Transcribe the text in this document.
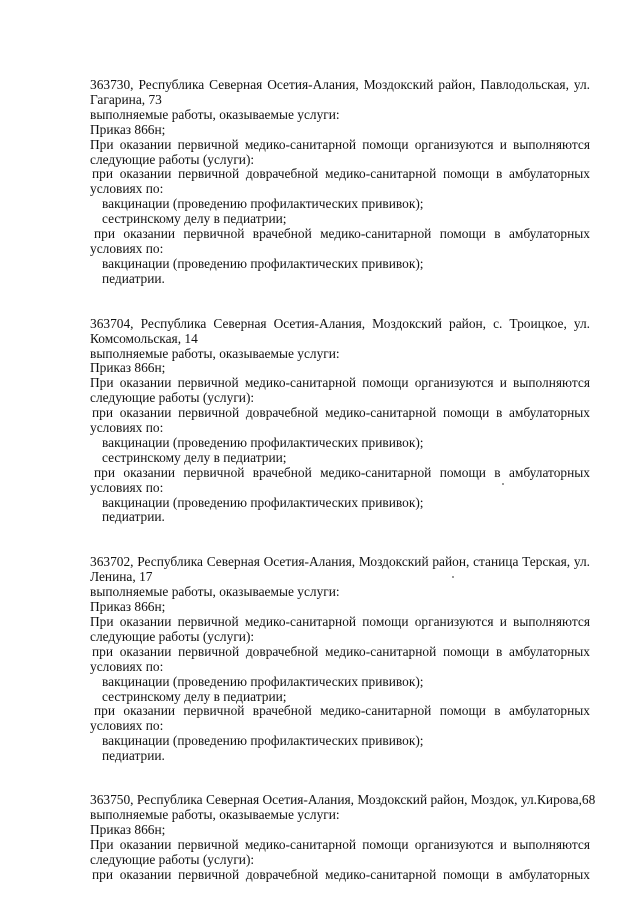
363730, Республика Северная Осетия-Алания, Моздокский район, Павлодольская, ул.
Гагарина, 73
выполняемые работы, оказываемые услуги:
Приказ 866н;
При оказании первичной медико-санитарной помощи организуются и выполняются
следующие работы (услуги):
при оказании первичной доврачебной медико-санитарной помощи в амбулаторных
условиях по:
вакцинации (проведению профилактических прививок);
сестринскому делу в педиатрии;
при оказании первичной врачебной медико-санитарной помощи в амбулаторных
условиях по:
вакцинации (проведению профилактических прививок);
педиатрии.
363704, Республика Северная Осетия-Алания, Моздокский район, с. Троицкое, ул.
Комсомольская, 14
выполняемые работы, оказываемые услуги:
Приказ 866н;
При оказании первичной медико-санитарной помощи организуются и выполняются
следующие работы (услуги):
при оказании первичной доврачебной медико-санитарной помощи в амбулаторных
условиях по:
вакцинации (проведению профилактических прививок);
сестринскому делу в педиатрии;
при оказании первичной врачебной медико-санитарной помощи в амбулаторных
условиях по:
вакцинации (проведению профилактических прививок);
педиатрии.
363702, Республика Северная Осетия-Алания, Моздокский район, станица Терская, ул.
Ленина, 17
выполняемые работы, оказываемые услуги:
Приказ 866н;
При оказании первичной медико-санитарной помощи организуются и выполняются
следующие работы (услуги):
при оказании первичной доврачебной медико-санитарной помощи в амбулаторных
условиях по:
вакцинации (проведению профилактических прививок);
сестринскому делу в педиатрии;
при оказании первичной врачебной медико-санитарной помощи в амбулаторных
условиях по:
вакцинации (проведению профилактических прививок);
педиатрии.
363750, Республика Северная Осетия-Алания, Моздокский район, Моздок, ул.Кирова,68
выполняемые работы, оказываемые услуги:
Приказ 866н;
При оказании первичной медико-санитарной помощи организуются и выполняются
следующие работы (услуги):
при оказании первичной доврачебной медико-санитарной помощи в амбулаторных
